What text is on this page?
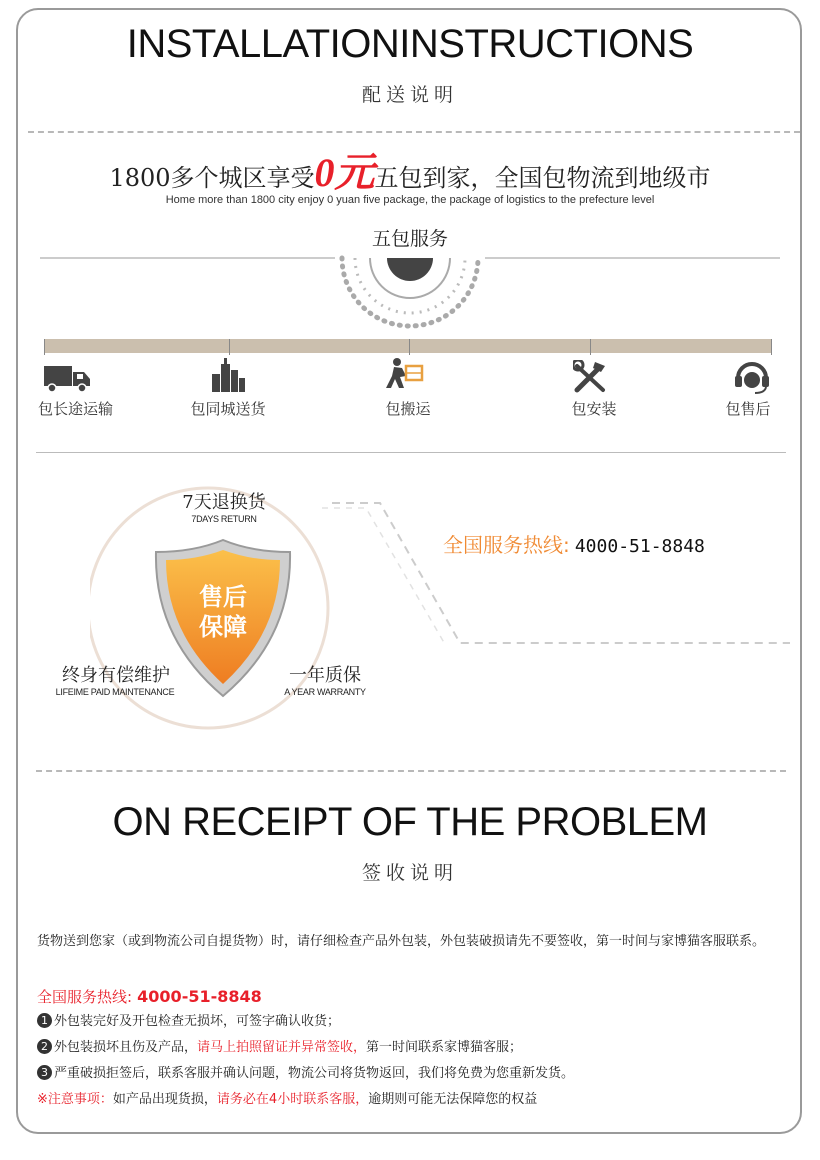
INSTALLATIONINSTRUCTIONS
配送说明
1800多个城区享受0元五包到家，全国包物流到地级市
Home more than 1800 city enjoy 0 yuan five package, the package of logistics to the prefecture level
五包服务
包长途运输	包同城送货	包搬运	包安装	包售后
售后
保障
7天退换货
7DAYS RETURN
终身有偿维护
LIFEIME PAID MAINTENANCE
一年质保
A YEAR WARRANTY
全国服务热线: 4000-51-8848
ON RECEIPT OF THE PROBLEM
签收说明
货物送到您家（或到物流公司自提货物）时，请仔细检查产品外包装，外包装破损请先不要签收，第一时间与家博猫客服联系。
全国服务热线: 4000-51-8848
1 外包装完好及开包检查无损坏，可签字确认收货；
2 外包装损坏且伤及产品，请马上拍照留证并异常签收，第一时间联系家博猫客服；
3 严重破损拒签后，联系客服并确认问题，物流公司将货物返回，我们将免费为您重新发货。
※注意事项：如产品出现货损，请务必在4小时联系客服，逾期则可能无法保障您的权益
